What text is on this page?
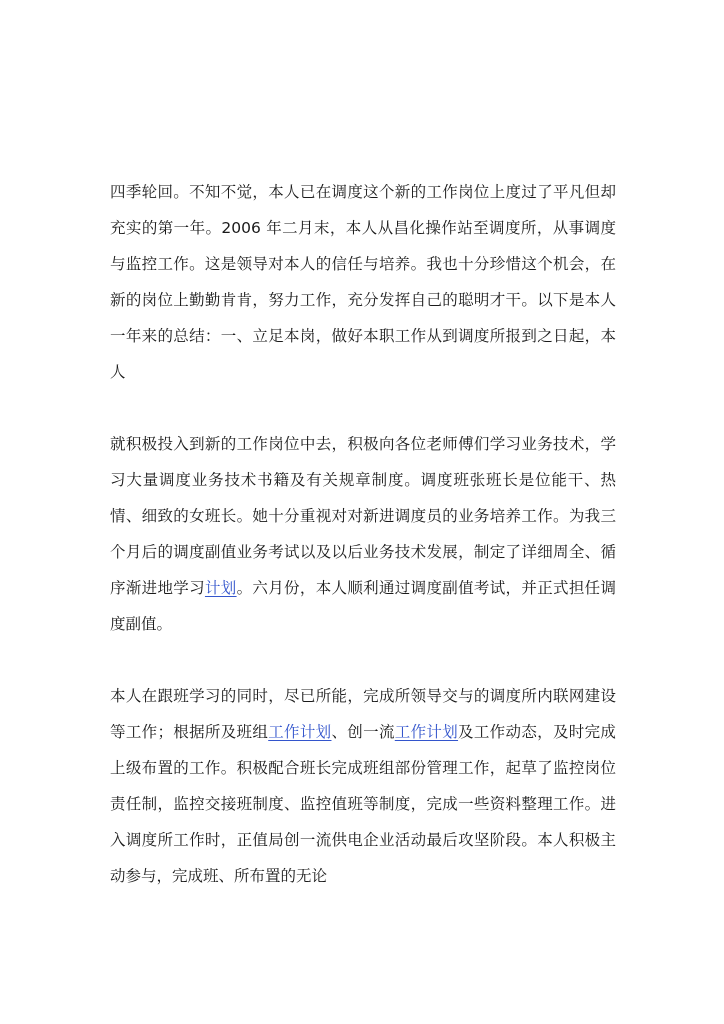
四季轮回。不知不觉，本人已在调度这个新的工作岗位上度过了平凡但却充实的第一年。2006 年二月末，本人从昌化操作站至调度所，从事调度与监控工作。这是领导对本人的信任与培养。我也十分珍惜这个机会，在新的岗位上勤勤肯肯，努力工作，充分发挥自己的聪明才干。以下是本人一年来的总结：一、立足本岗，做好本职工作从到调度所报到之日起，本人

就积极投入到新的工作岗位中去，积极向各位老师傅们学习业务技术，学习大量调度业务技术书籍及有关规章制度。调度班张班长是位能干、热情、细致的女班长。她十分重视对对新进调度员的业务培养工作。为我三个月后的调度副值业务考试以及以后业务技术发展，制定了详细周全、循序渐进地学习计划。六月份，本人顺利通过调度副值考试，并正式担任调度副值。

本人在跟班学习的同时，尽已所能，完成所领导交与的调度所内联网建设等工作；根据所及班组工作计划、创一流工作计划及工作动态，及时完成上级布置的工作。积极配合班长完成班组部份管理工作，起草了监控岗位责任制，监控交接班制度、监控值班等制度，完成一些资料整理工作。进入调度所工作时，正值局创一流供电企业活动最后攻坚阶段。本人积极主动参与，完成班、所布置的无论
